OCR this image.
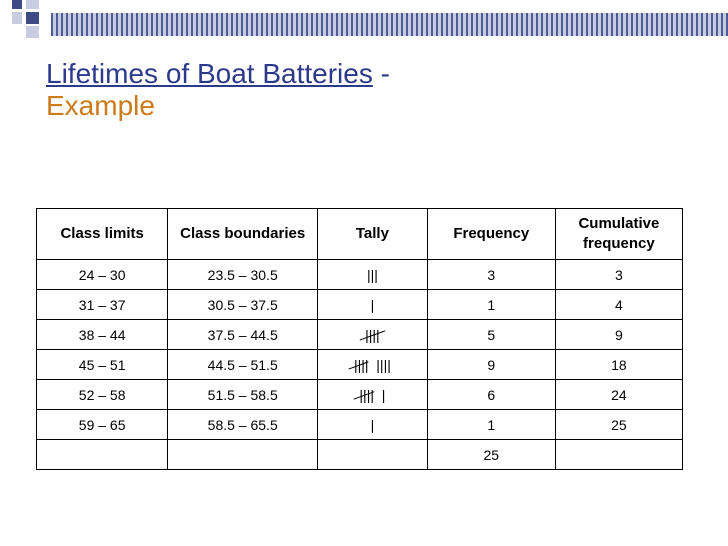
Lifetimes of Boat Batteries -
Example
Class limits	Class boundaries	Tally	Frequency	Cumulative frequency
24 – 30	23.5 – 30.5	|||	3	3
31 – 37	30.5 – 37.5	|	1	4
38 – 44	37.5 – 44.5	||||	5	9
45 – 51	44.5 – 51.5	||||  ||||	9	18
52 – 58	51.5 – 58.5	||||  |	6	24
59 – 65	58.5 – 65.5	|	1	25
			25	
